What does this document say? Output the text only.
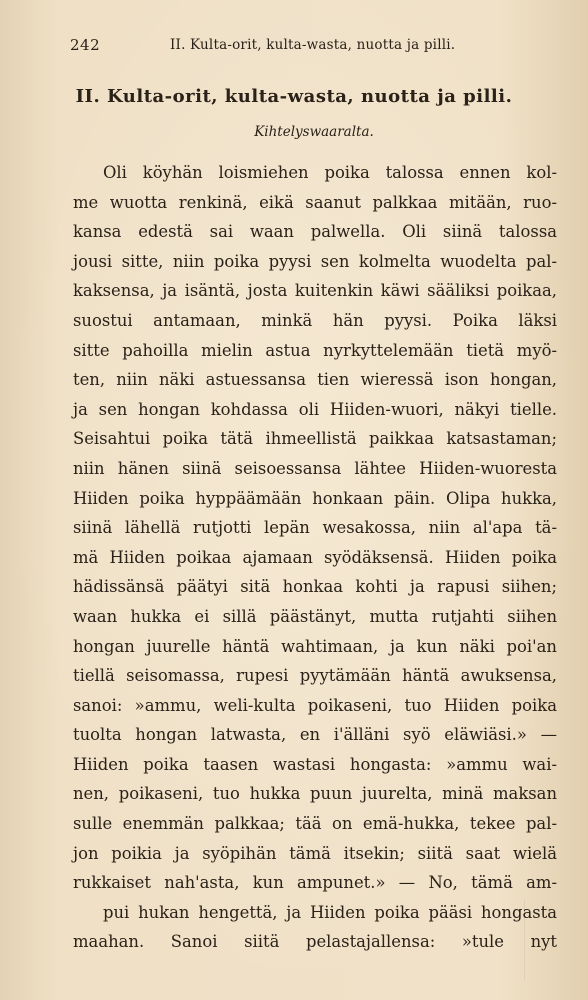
242	II. Kulta-orit, kulta-wasta, nuotta ja pilli.
II. Kulta-orit, kulta-wasta, nuotta ja pilli.
Kihtelyswaaralta.
Oli köyhän loismiehen poika talossa ennen kol-
me wuotta renkinä, eikä saanut palkkaa mitään, ruo-
kansa edestä sai waan palwella. Oli siinä talossa
jousi sitte, niin poika pyysi sen kolmelta wuodelta pal-
kaksensa, ja isäntä, josta kuitenkin käwi sääliksi poikaa,
suostui antamaan, minkä hän pyysi. Poika läksi
sitte pahoilla mielin astua nyrkyttelemään tietä myö-
ten, niin näki astuessansa tien wieressä ison hongan,
ja sen hongan kohdassa oli Hiiden-wuori, näkyi tielle.
Seisahtui poika tätä ihmeellistä paikkaa katsastaman;
niin hänen siinä seisoessansa lähtee Hiiden-wuoresta
Hiiden poika hyppäämään honkaan päin. Olipa hukka,
siinä lähellä rutjotti lepän wesakossa, niin al'apa tä-
mä Hiiden poikaa ajamaan syödäksensä. Hiiden poika
hädissänsä päätyi sitä honkaa kohti ja rapusi siihen;
waan hukka ei sillä päästänyt, mutta rutjahti siihen
hongan juurelle häntä wahtimaan, ja kun näki poi'an
tiellä seisomassa, rupesi pyytämään häntä awuksensa,
sanoi: »ammu, weli-kulta poikaseni, tuo Hiiden poika
tuolta hongan latwasta, en i'älläni syö eläwiäsi.» —
Hiiden poika taasen wastasi hongasta: »ammu wai-
nen, poikaseni, tuo hukka puun juurelta, minä maksan
sulle enemmän palkkaa; tää on emä-hukka, tekee pal-
jon poikia ja syöpihän tämä itsekin; siitä saat wielä
rukkaiset nah'asta, kun ampunet.» — No, tämä am-
pui hukan hengettä, ja Hiiden poika pääsi hongasta
maahan. Sanoi siitä pelastajallensa: »tule nyt
